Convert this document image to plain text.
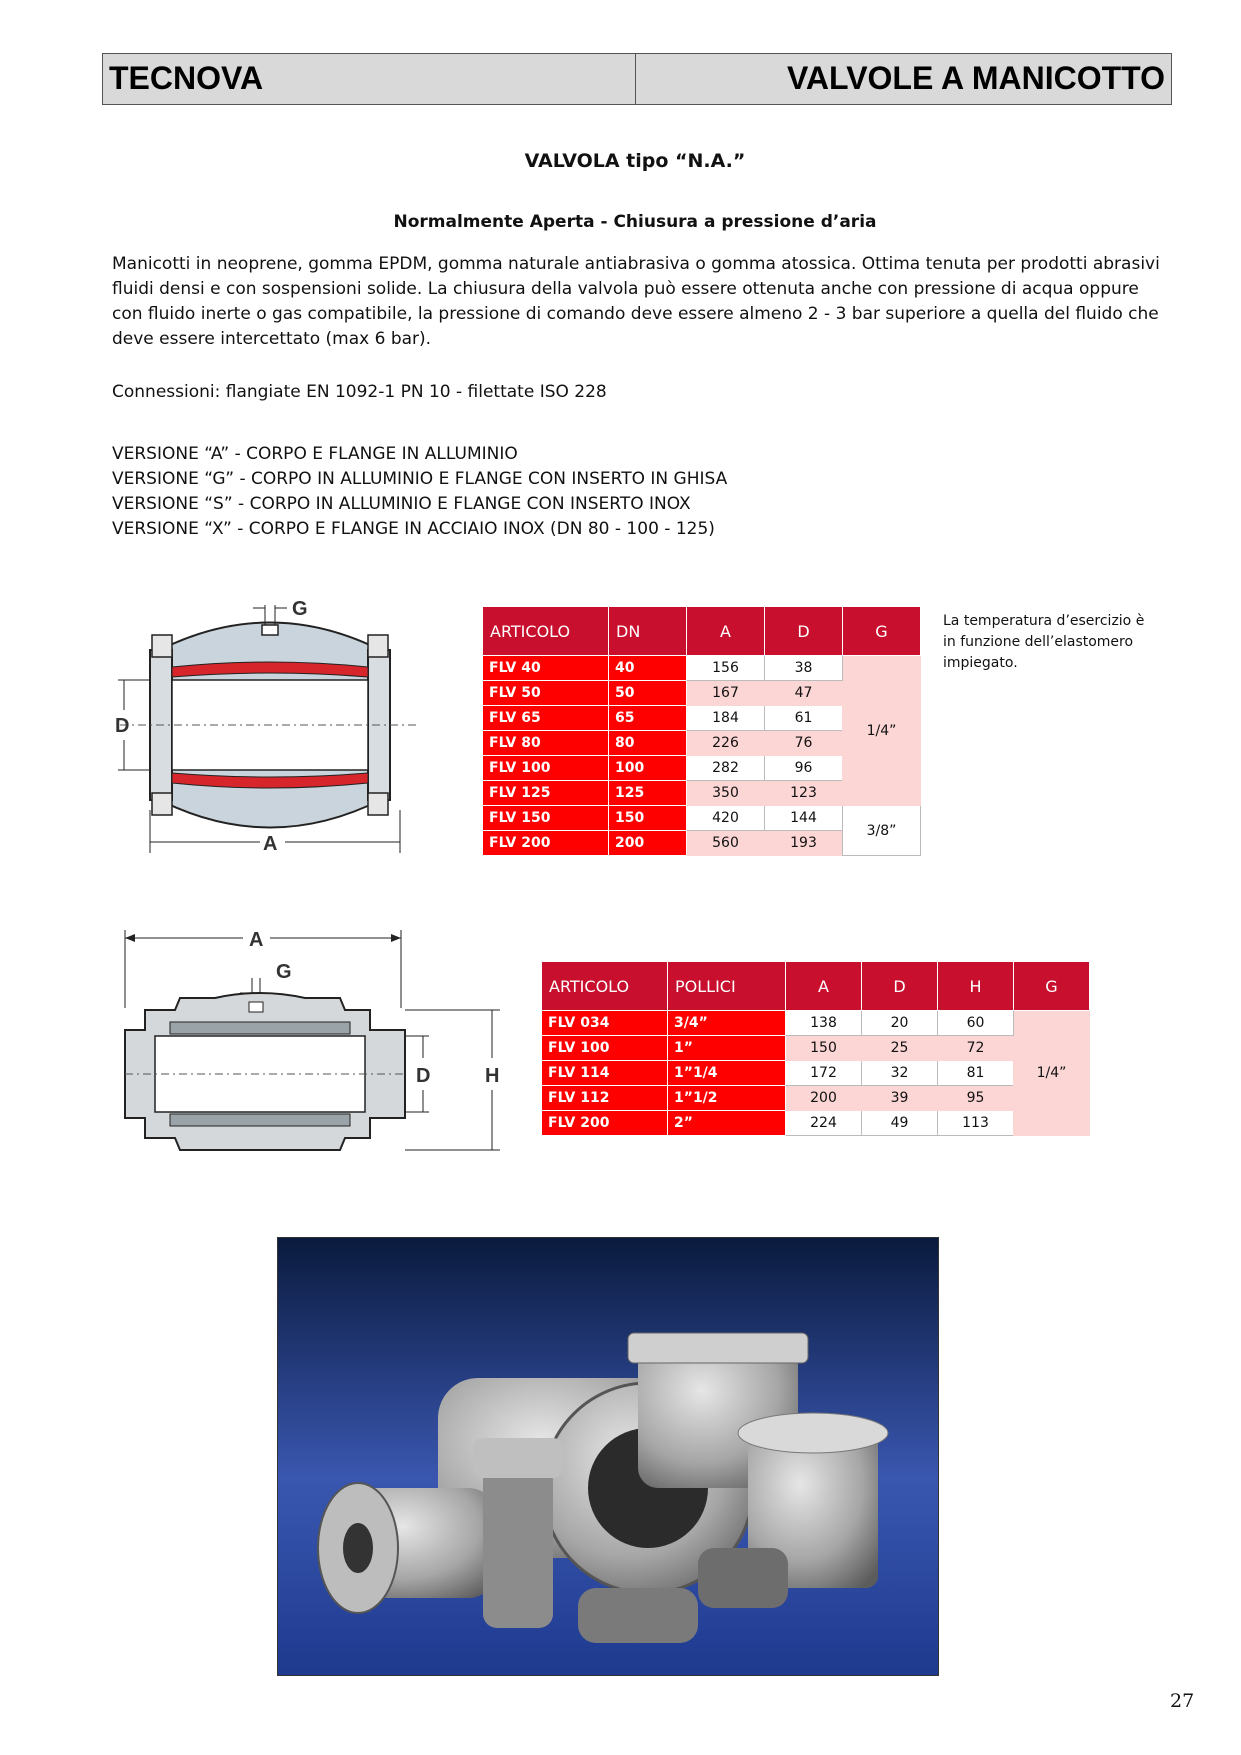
TECNOVA	VALVOLE A MANICOTTO
VALVOLA tipo “N.A.”
Normalmente Aperta - Chiusura a pressione d’aria
Manicotti in neoprene, gomma EPDM, gomma naturale antiabrasiva o gomma atossica. Ottima tenuta per prodotti abrasivi fluidi densi e con sospensioni solide. La chiusura della valvola può essere ottenuta anche con pressione di acqua oppure con fluido inerte o gas compatibile, la pressione di comando deve essere almeno 2 - 3 bar superiore a quella del fluido che deve essere intercettato (max 6 bar).
Connessioni: flangiate EN 1092-1 PN 10 - filettate ISO 228
VERSIONE “A” - CORPO E FLANGE IN ALLUMINIO
VERSIONE “G” - CORPO IN ALLUMINIO E FLANGE CON INSERTO IN GHISA
VERSIONE “S” - CORPO IN ALLUMINIO E FLANGE CON INSERTO INOX
VERSIONE “X” - CORPO E FLANGE IN ACCIAIO INOX (DN 80 - 100 - 125)
G
D
A
ARTICOLO	DN	A	D	G
FLV 40	40	156	38	1/4”
FLV 50	50	167	47	
FLV 65	65	184	61	
FLV 80	80	226	76	
FLV 100	100	282	96	
FLV 125	125	350	123	
FLV 150	150	420	144	3/8”
FLV 200	200	560	193	
La temperatura d’esercizio è in funzione dell’elastomero impiegato.
A
G
D	H
ARTICOLO	POLLICI	A	D	H	G
FLV 034	3/4”	138	20	60	1/4”
FLV 100	1”	150	25	72	
FLV 114	1”1/4	172	32	81	
FLV 112	1”1/2	200	39	95	
FLV 200	2”	224	49	113	
27
